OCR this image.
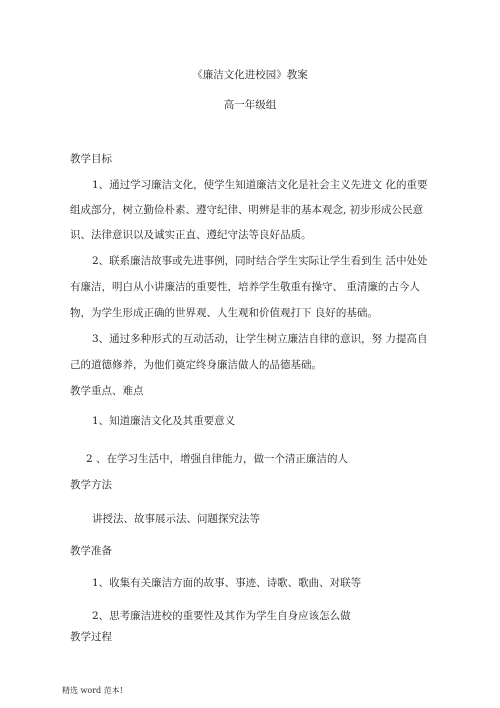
《廉洁文化进校园》教案
高一年级组
教学目标
1、通过学习廉洁文化，使学生知道廉洁文化是社会主义先进文 化的重要
组成部分，树立勤俭朴素、遵守纪律、明辨是非的基本观念, 初步形成公民意
识、法律意识以及诚实正直、遵纪守法等良好品质。
2、联系廉洁故事或先进事例，同时结合学生实际让学生看到生 活中处处
有廉洁，明白从小讲廉洁的重要性，培养学生敬重有操守、 重清廉的古今人
物，为学生形成正确的世界观、人生观和价值观打下 良好的基础。
3、通过多种形式的互动活动，让学生树立廉洁自律的意识，努 力提高自
己的道德修养，为他们奠定终身廉洁做人的品德基础。
教学重点、难点
1、知道廉洁文化及其重要意义
2 、在学习生活中，增强自律能力，做一个清正廉洁的人
教学方法
讲授法、故事展示法、问题探究法等
教学准备
1、收集有关廉洁方面的故事、事迹、诗歌、歌曲、对联等
2、思考廉洁进校的重要性及其作为学生自身应该怎么做
教学过程
精选 word 范本!
